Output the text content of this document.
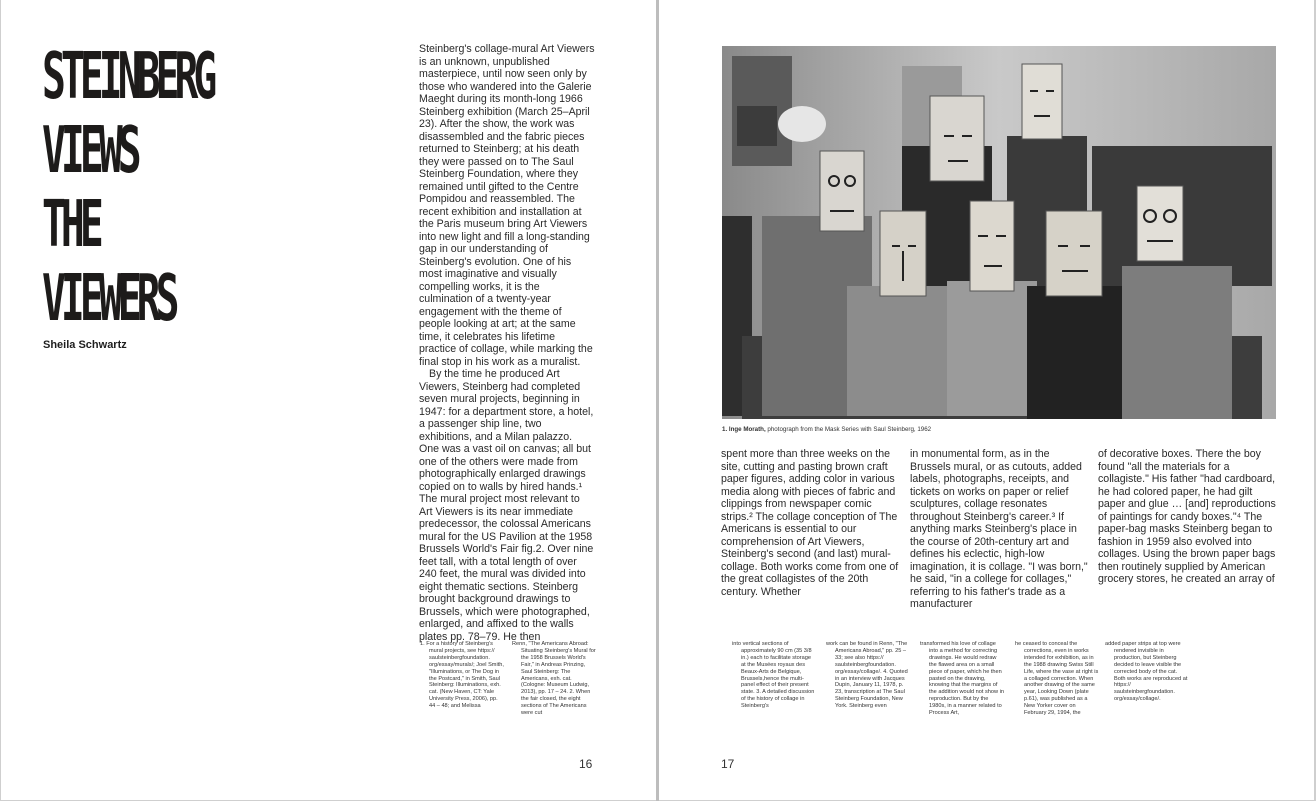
STEINBERG
VIEWS
THE
VIEWERS
Sheila Schwartz

Steinberg's collage-mural Art Viewers is an unknown, unpublished masterpiece, until now seen only by those who wandered into the Galerie Maeght during its month-long 1966 Steinberg exhibition (March 25–April 23). After the show, the work was disassembled and the fabric pieces returned to Steinberg; at his death they were passed on to The Saul Steinberg Foundation, where they remained until gifted to the Centre Pompidou and reassembled. The recent exhibition and installation at the Paris museum bring Art Viewers into new light and fill a long-standing gap in our understanding of Steinberg's evolution. One of his most imaginative and visually compelling works, it is the culmination of a twenty-year engagement with the theme of people looking at art; at the same time, it celebrates his lifetime practice of collage, while marking the final stop in his work as a muralist.

By the time he produced Art Viewers, Steinberg had completed seven mural projects, beginning in 1947: for a department store, a hotel, a passenger ship line, two exhibitions, and a Milan palazzo. One was a vast oil on canvas; all but one of the others were made from photographically enlarged drawings copied on to walls by hired hands.¹ The mural project most relevant to Art Viewers is its near immediate predecessor, the colossal Americans mural for the US Pavilion at the 1958 Brussels World's Fair fig.2. Over nine feet tall, with a total length of over 240 feet, the mural was divided into eight thematic sections. Steinberg brought background drawings to Brussels, which were photographed, enlarged, and affixed to the walls plates pp. 78–79. He then

1. For a history of Steinberg's mural projects, see https:// saulsteinbergfoundation. org/essay/murals/; Joel Smith, "Illuminations, or The Dog in the Postcard," in Smith, Saul Steinberg: Illuminations, exh. cat. (New Haven, CT: Yale University Press, 2006), pp. 44 – 48; and Melissa

Renn, "The Americans Abroad: Situating Steinberg's Mural for the 1958 Brussels World's Fair," in Andreas Prinzing, Saul Steinberg: The Americans, exh. cat. (Cologne: Museum Ludwig, 2013), pp. 17 – 24. 2. When the fair closed, the eight sections of The Americans were cut

16
1. Inge Morath, photograph from the Mask Series with Saul Steinberg, 1962

spent more than three weeks on the site, cutting and pasting brown craft paper figures, adding color in various media along with pieces of fabric and clippings from newspaper comic strips.² The collage conception of The Americans is essential to our comprehension of Art Viewers, Steinberg's second (and last) mural-collage. Both works come from one of the great collagistes of the 20th century. Whether

in monumental form, as in the Brussels mural, or as cutouts, added labels, photographs, receipts, and tickets on works on paper or relief sculptures, collage resonates throughout Steinberg's career.³ If anything marks Steinberg's place in the course of 20th-century art and defines his eclectic, high-low imagination, it is collage. "I was born," he said, "in a college for collages," referring to his father's trade as a manufacturer

of decorative boxes. There the boy found "all the materials for a collagiste." His father "had cardboard, he had colored paper, he had gilt paper and glue … [and] reproductions of paintings for candy boxes."⁴ The paper-bag masks Steinberg began to fashion in 1959 also evolved into collages. Using the brown paper bags then routinely supplied by American grocery stores, he created an array of

into vertical sections of approximately 90 cm (35 3/8 in.) each to facilitate storage at the Musées royaux des Beaux-Arts de Belgique, Brussels,hence the multi-panel effect of their present state. 3. A detailed discussion of the history of collage in Steinberg's

work can be found in Renn, "The Americans Abroad," pp. 25 – 33; see also https:// saulsteinbergfoundation. org/essay/collage/. 4. Quoted in an interview with Jacques Dupin, January 11, 1978, p. 23, transcription at The Saul Steinberg Foundation, New York. Steinberg even

transformed his love of collage into a method for correcting drawings. He would redraw the flawed area on a small piece of paper, which he then pasted on the drawing, knowing that the margins of the addition would not show in reproduction. But by the 1980s, in a manner related to Process Art,

he ceased to conceal the corrections, even in works intended for exhibition, as in the 1988 drawing Swiss Still Life, where the vase at right is a collaged correction. When another drawing of the same year, Looking Down (plate p.61), was published as a New Yorker cover on February 29, 1994, the

added paper strips at top were rendered invisible in production, but Steinberg decided to leave visible the corrected body of the cat. Both works are reproduced at https:// saulsteinbergfoundation. org/essay/collage/.

17
